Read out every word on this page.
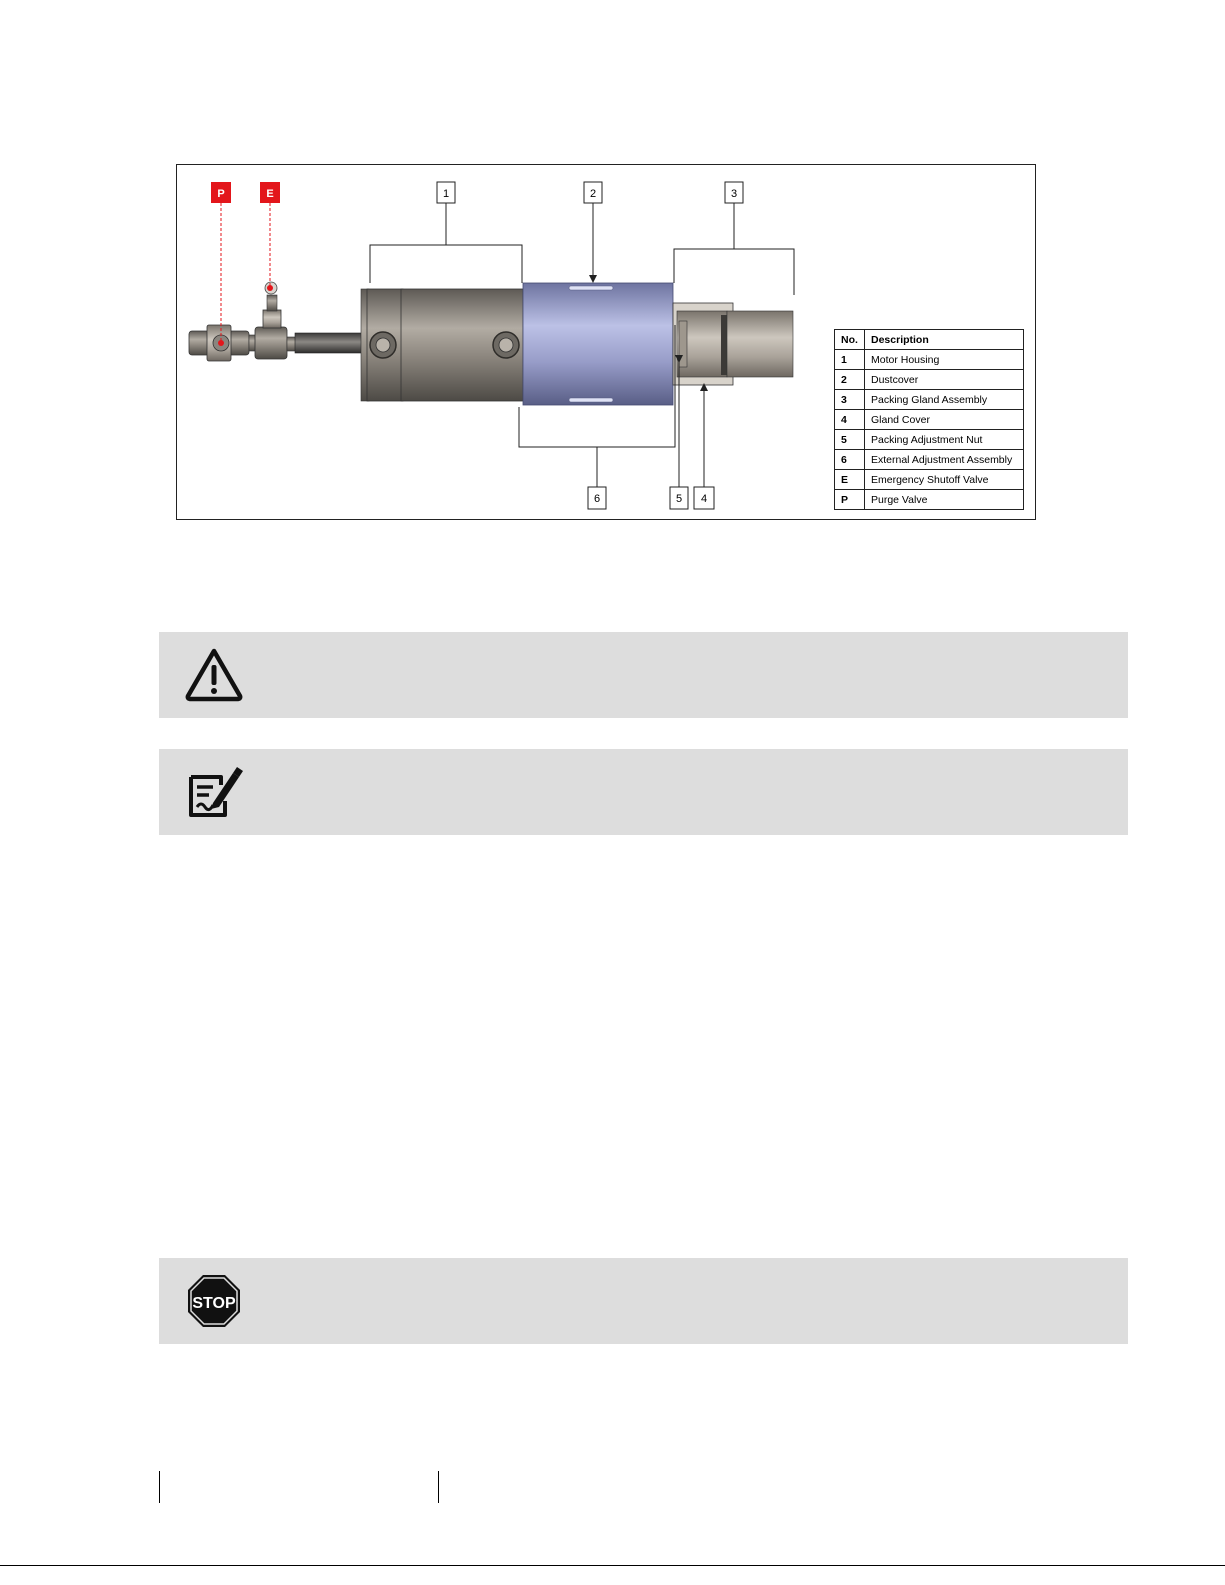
P	E	1	2	3
6	5 4
No.	Description
1	Motor Housing
2	Dustcover
3	Packing Gland Assembly
4	Gland Cover
5	Packing Adjustment Nut
6	External Adjustment Assembly
E	Emergency Shutoff Valve
P	Purge Valve
STOP
